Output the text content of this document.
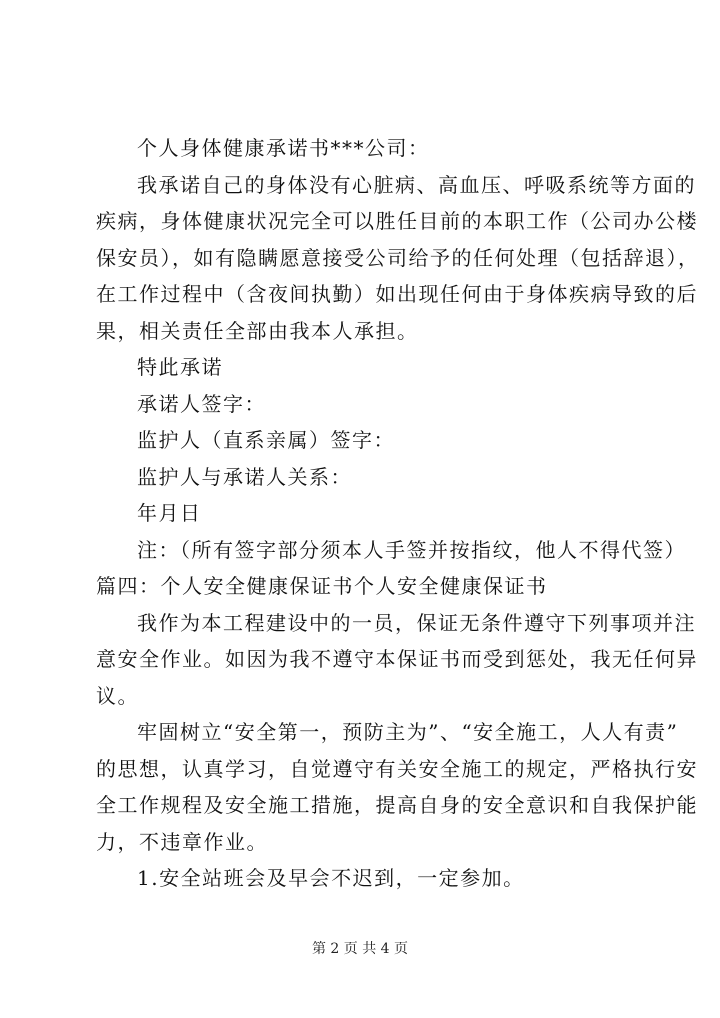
个人身体健康承诺书***公司：
我承诺自己的身体没有心脏病、高血压、呼吸系统等方面的
疾病，身体健康状况完全可以胜任目前的本职工作（公司办公楼
保安员），如有隐瞒愿意接受公司给予的任何处理（包括辞退），
在工作过程中（含夜间执勤）如出现任何由于身体疾病导致的后
果，相关责任全部由我本人承担。
特此承诺
承诺人签字：
监护人（直系亲属）签字：
监护人与承诺人关系：
年月日
注：（所有签字部分须本人手签并按指纹，他人不得代签）
篇四：个人安全健康保证书个人安全健康保证书
我作为本工程建设中的一员，保证无条件遵守下列事项并注
意安全作业。如因为我不遵守本保证书而受到惩处，我无任何异
议。
牢固树立“安全第一，预防主为”、“安全施工，人人有责”
的思想，认真学习，自觉遵守有关安全施工的规定，严格执行安
全工作规程及安全施工措施，提高自身的安全意识和自我保护能
力，不违章作业。
1.安全站班会及早会不迟到，一定参加。
第 2 页 共 4 页
